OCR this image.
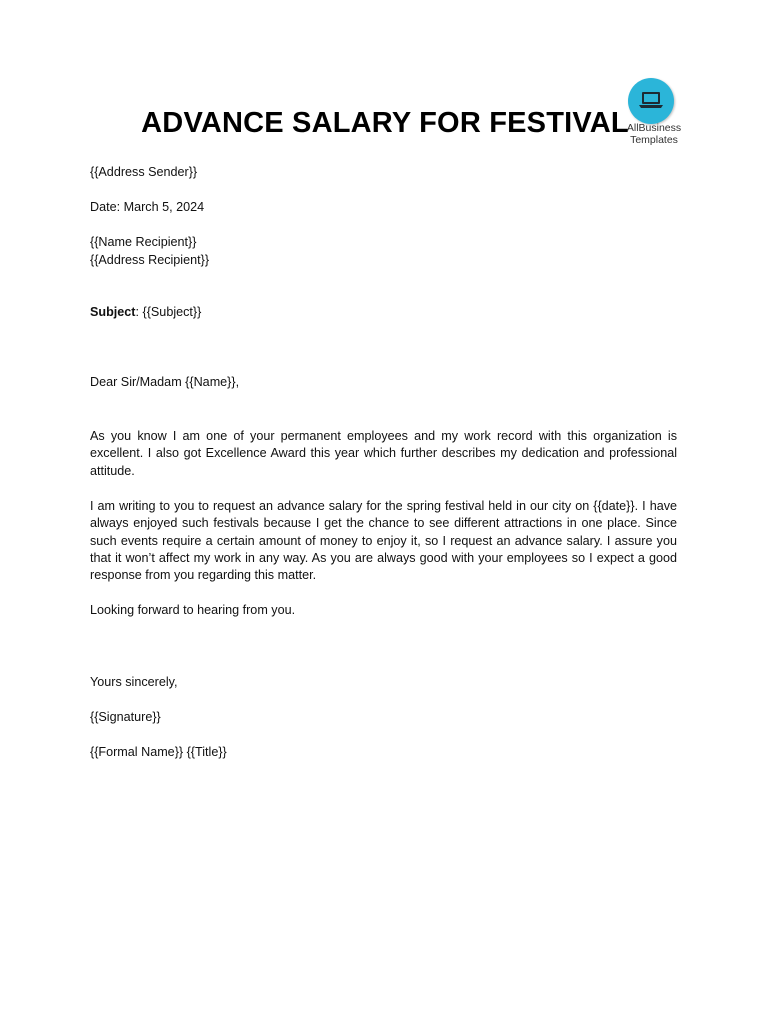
ADVANCE SALARY FOR FESTIVAL
AllBusiness
Templates

{{Address Sender}}

Date: March 5, 2024

{{Name Recipient}}

{{Address Recipient}}

Subject: {{Subject}}

Dear Sir/Madam {{Name}},

As you know I am one of your permanent employees and my work record with this organization is excellent. I also got Excellence Award this year which further describes my dedication and professional attitude.

I am writing to you to request an advance salary for the spring festival held in our city on {{date}}. I have always enjoyed such festivals because I get the chance to see different attractions in one place. Since such events require a certain amount of money to enjoy it, so I request an advance salary. I assure you that it won’t affect my work in any way. As you are always good with your employees so I expect a good response from you regarding this matter.

Looking forward to hearing from you.

Yours sincerely,

{{Signature}}

{{Formal Name}} {{Title}}
